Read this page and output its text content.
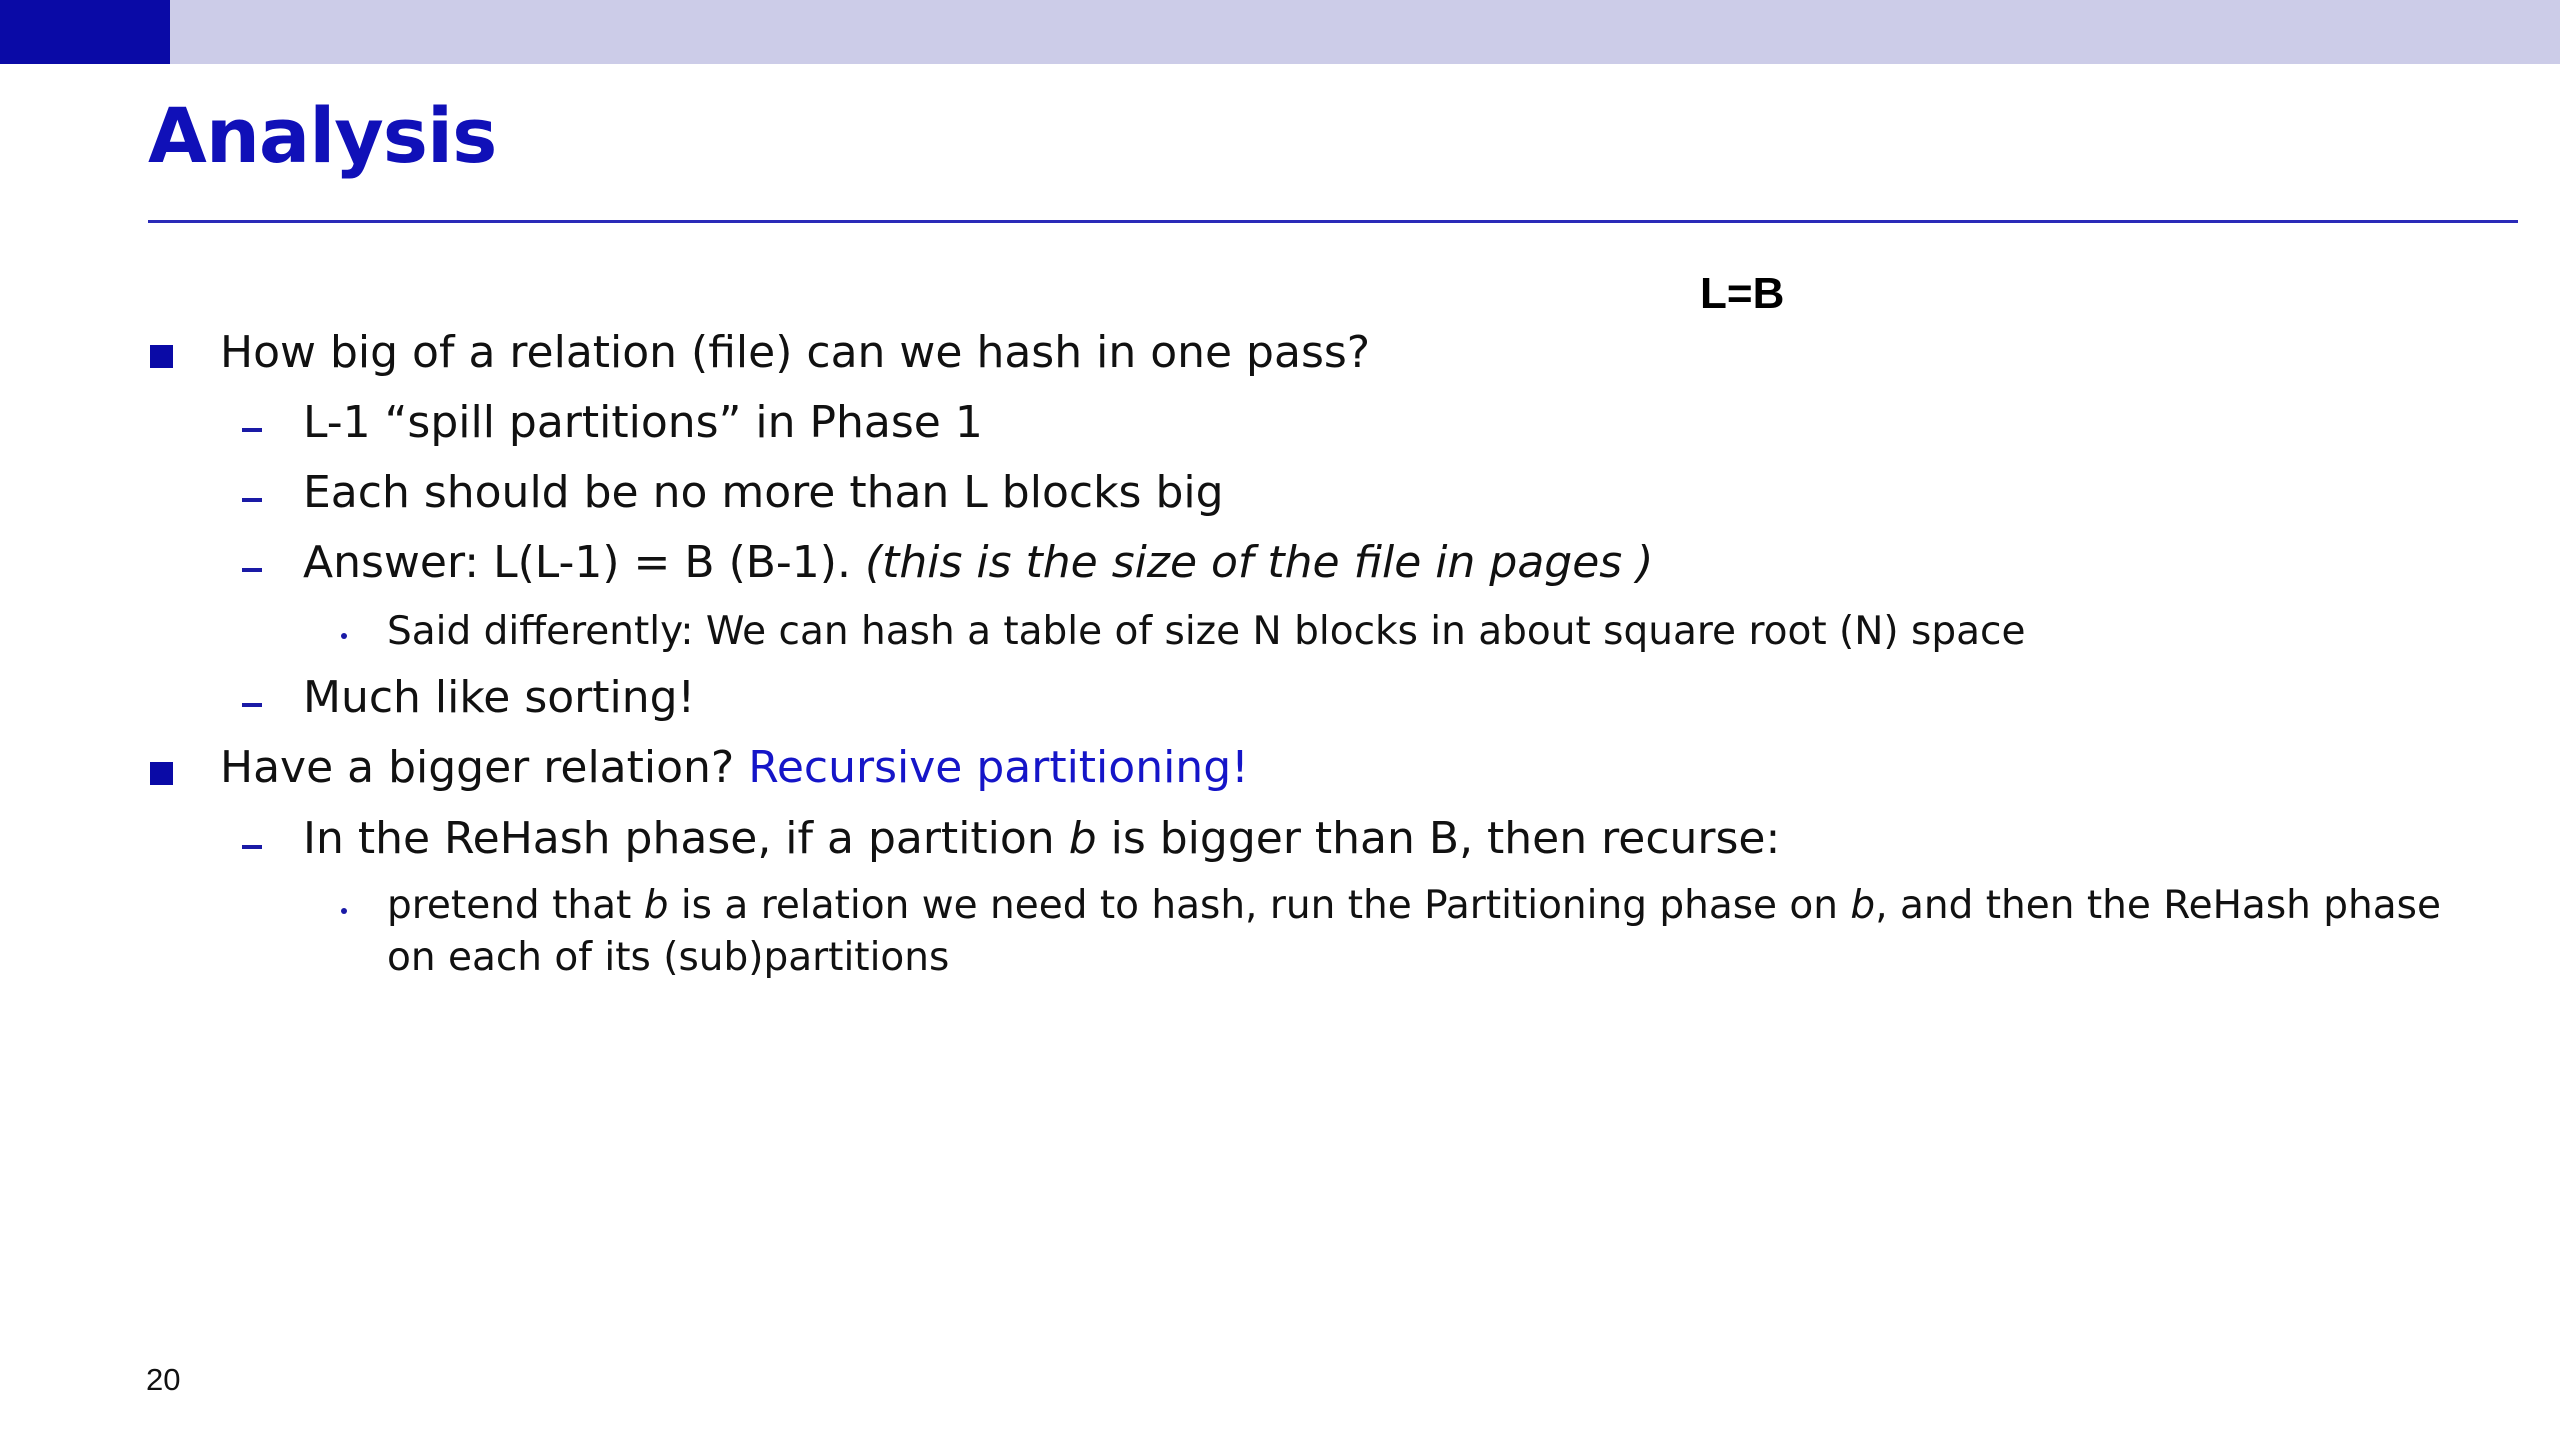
Analysis
L=B
How big of a relation (file) can we hash in one pass?
L-1 “spill partitions” in Phase 1
Each should be no more than L blocks big
Answer: L(L-1) = B (B-1). (this is the size of the file in pages )
Said differently: We can hash a table of size N blocks in about square root (N) space
Much like sorting!
Have a bigger relation? Recursive partitioning!
In the ReHash phase, if a partition b is bigger than B, then recurse:
pretend that b is a relation we need to hash, run the Partitioning phase on b, and then the ReHash phase
on each of its (sub)partitions
20
